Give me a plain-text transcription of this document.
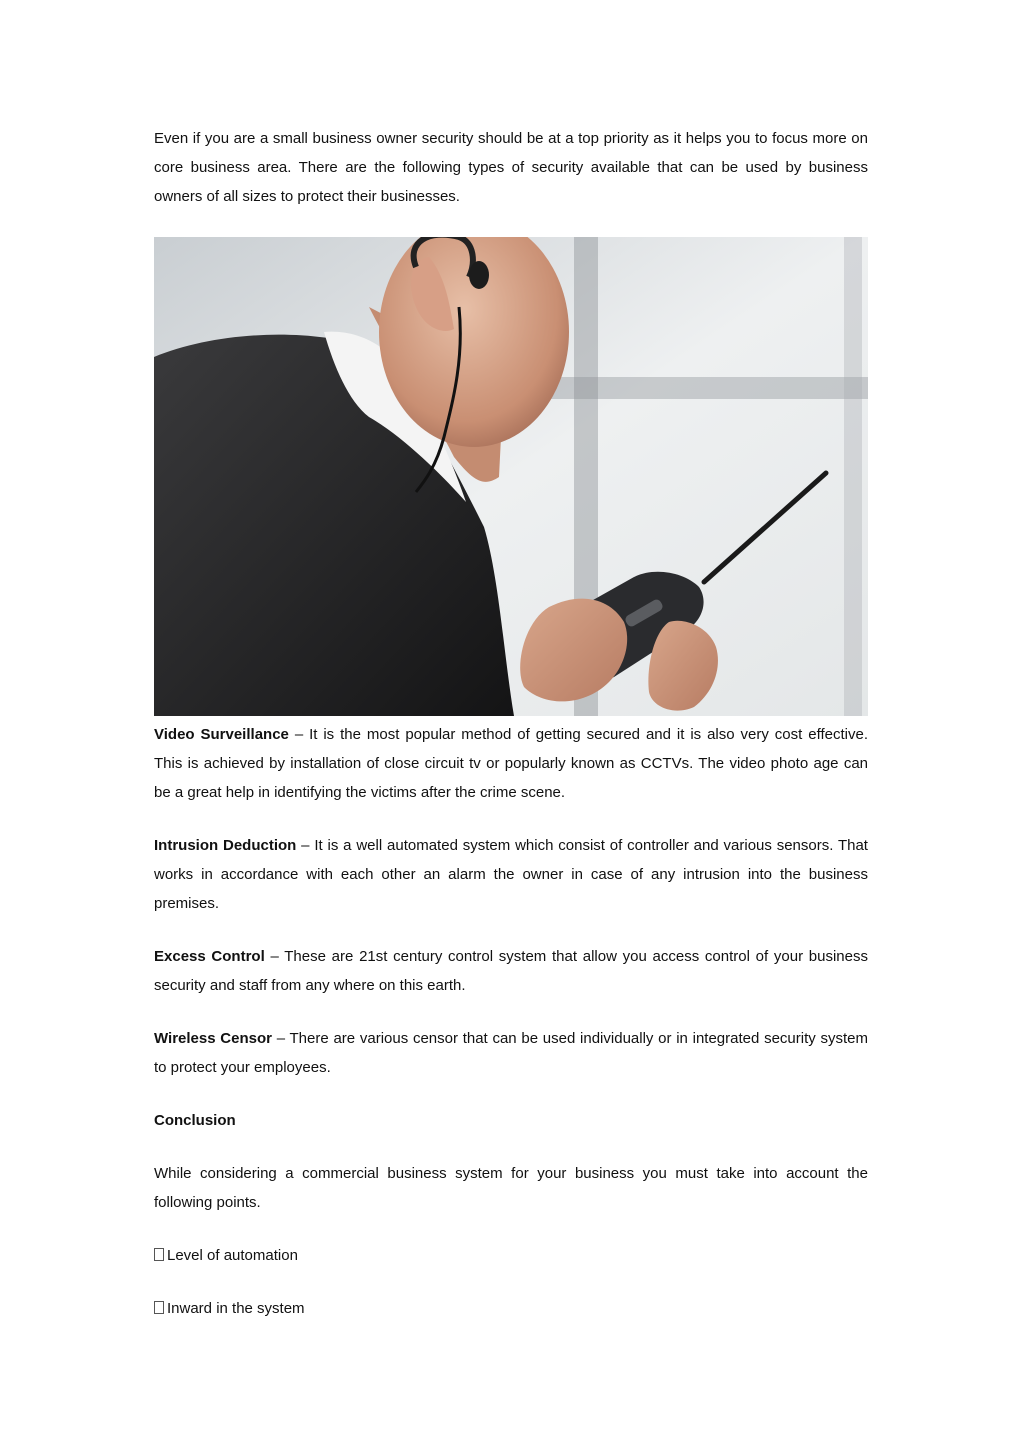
Even if you are a small business owner security should be at a top priority as it helps you to focus more on core business area. There are the following types of security available that can be used by business owners of all sizes to protect their businesses.

Video Surveillance – It is the most popular method of getting secured and it is also very cost effective. This is achieved by installation of close circuit tv or popularly known as CCTVs. The video photo age can be a great help in identifying the victims after the crime scene.

Intrusion Deduction – It is a well automated system which consist of controller and various sensors. That works in accordance with each other an alarm the owner in case of any intrusion into the business premises.

Excess Control – These are 21st century control system that allow you access control of your business security and staff from any where on this earth.

Wireless Censor – There are various censor that can be used individually or in integrated security system to protect your employees.

Conclusion

While considering a commercial business system for your business you must take into account the following points.

Level of automation

Inward in the system
